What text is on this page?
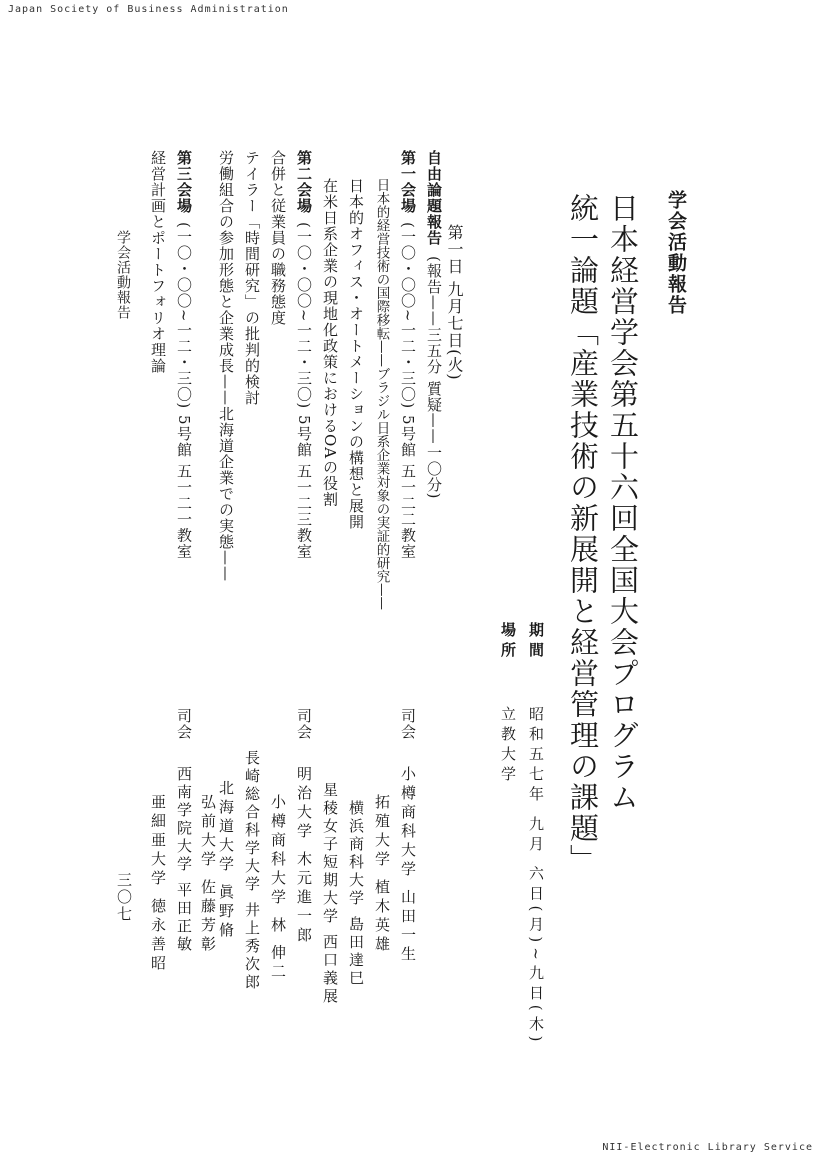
Japan Society of Business Administration
NII-Electronic Library Service
学会活動報告
日本経営学会第五十六回全国大会プログラム
統一論題「産業技術の新展開と経営管理の課題」
期間
昭和五七年 九月 六日(月)~九日(木)
場所
立教大学
第一日 九月七日(火)
自由論題報告
(報告——三五分 質疑——一〇分)
第一会場
(一〇・〇〇~一二・三〇) 5号館 五一二二教室
司会
小樽商科大学 山田一生
日本的経営技術の国際移転——ブラジル日系企業対象の実証的研究——
拓殖大学 植木英雄
日本的オフィス・オートメーションの構想と展開
横浜商科大学 島田達巳
在米日系企業の現地化政策におけるOAの役割
星稜女子短期大学 西口義展
第二会場
(一〇・〇〇~一二・三〇) 5号館 五一二三教室
司会
明治大学 木元進一郎
合併と従業員の職務態度
小樽商科大学 林 伸二
テイラー「時間研究」の批判的検討
長崎総合科学大学 井上秀次郎
労働組合の参加形態と企業成長——北海道企業での実態——
北海道大学 眞野脩
弘前大学 佐藤芳彰
第三会場
(一〇・〇〇~一二・三〇) 5号館 五一二一教室
司会
西南学院大学 平田正敏
経営計画とポートフォリオ理論
亜細亜大学 徳永善昭
学会活動報告
三〇七
